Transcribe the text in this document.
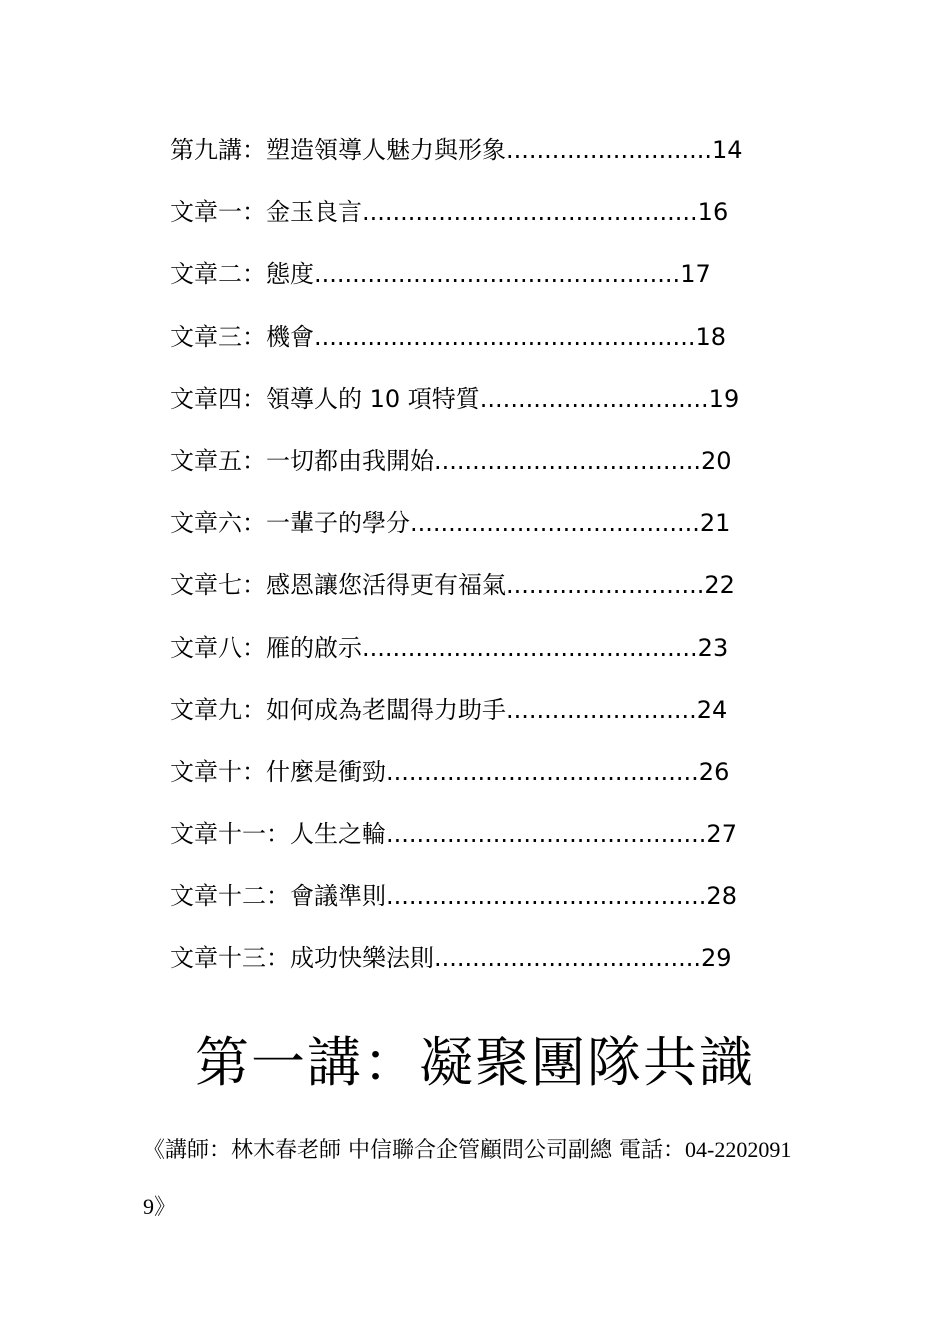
第九講：塑造領導人魅力與形象...........................14
文章一：金玉良言............................................16
文章二：態度................................................17
文章三：機會..................................................18
文章四：領導人的 10 項特質..............................19
文章五：一切都由我開始...................................20
文章六：一輩子的學分......................................21
文章七：感恩讓您活得更有福氣..........................22
文章八：雁的啟示............................................23
文章九：如何成為老闆得力助手.........................24
文章十：什麼是衝勁.........................................26
文章十一：人生之輪..........................................27
文章十二：會議準則..........................................28
文章十三：成功快樂法則...................................29
第一講：凝聚團隊共識
《講師：林木春老師 中信聯合企管顧問公司副總 電話：04-22020919》
